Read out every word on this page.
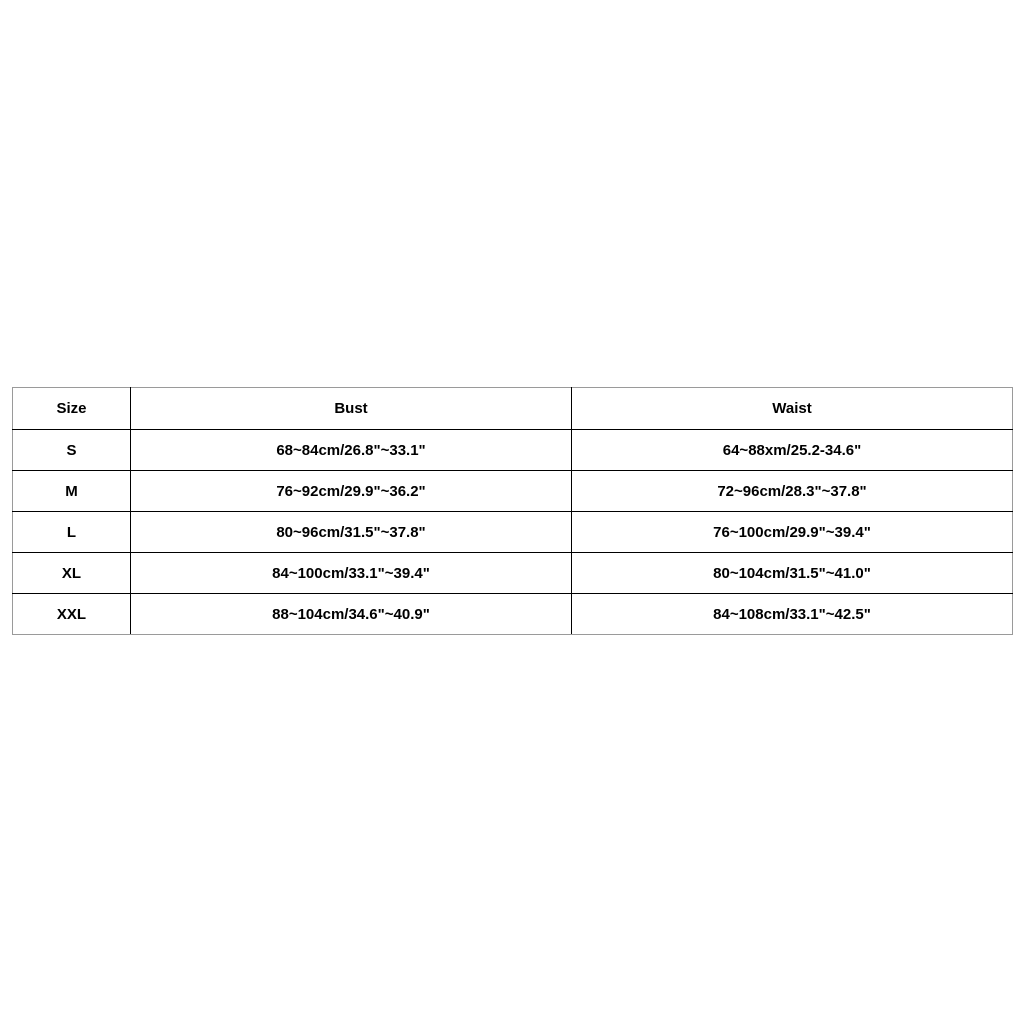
Size	Bust	Waist
S	68~84cm/26.8"~33.1"	64~88xm/25.2-34.6"
M	76~92cm/29.9"~36.2"	72~96cm/28.3"~37.8"
L	80~96cm/31.5"~37.8"	76~100cm/29.9"~39.4"
XL	84~100cm/33.1"~39.4"	80~104cm/31.5"~41.0"
XXL	88~104cm/34.6"~40.9"	84~108cm/33.1"~42.5"
